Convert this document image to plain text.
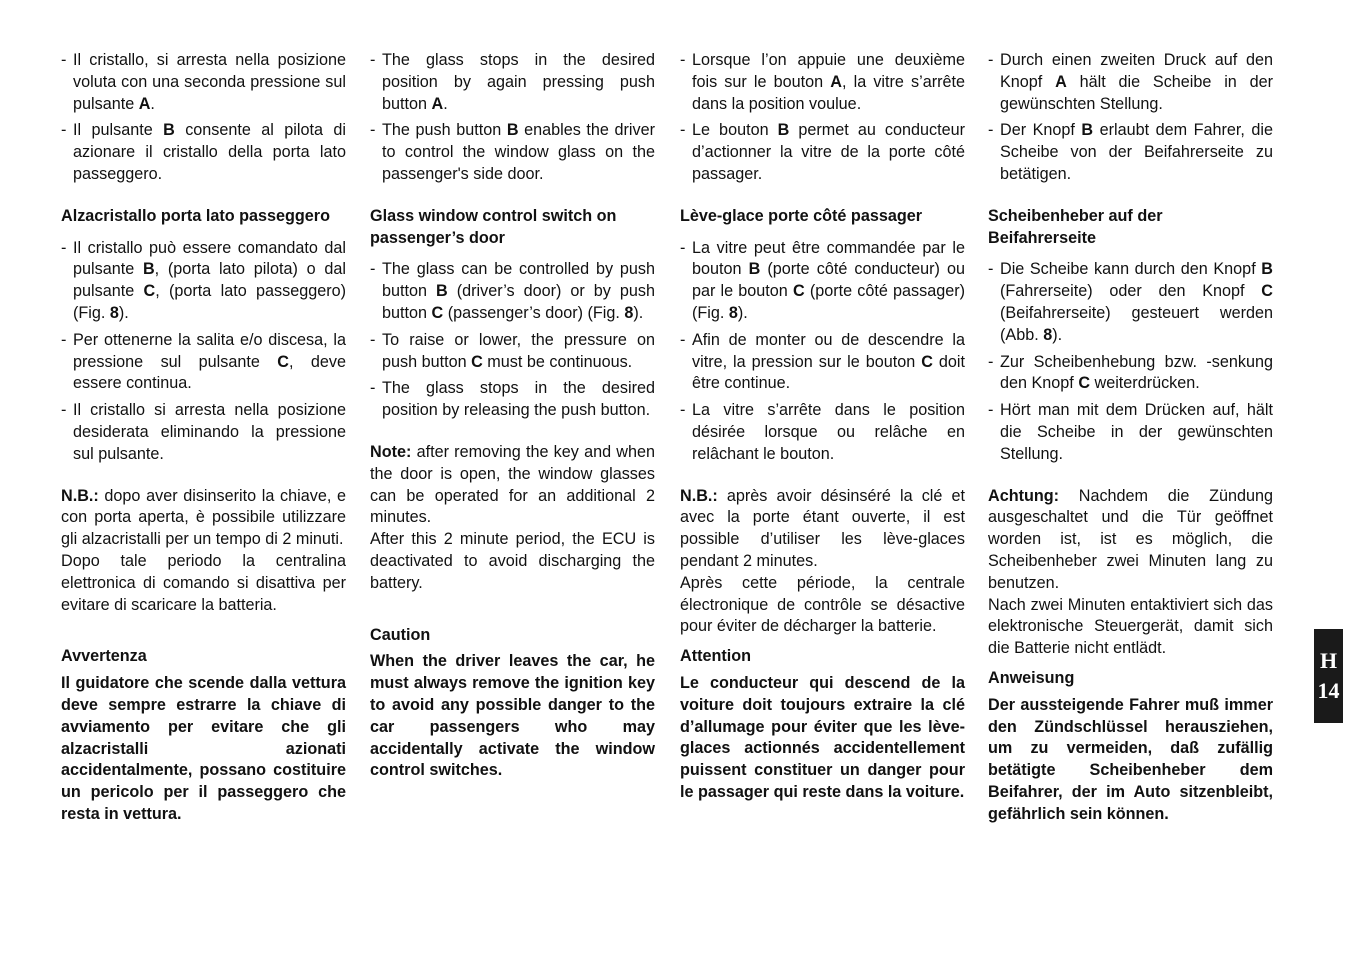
- Il cristallo, si arresta nella posizione voluta con una seconda pressione sul pulsante A.
- Il pulsante B consente al pilota di azionare il cristallo della porta lato passeggero.

Alzacristallo porta lato passeggero

- Il cristallo può essere comandato dal pulsante B, (porta lato pilota) o dal pulsante C, (porta lato passeggero) (Fig. 8).
- Per ottenerne la salita e/o discesa, la pressione sul pulsante C, deve essere continua.
- Il cristallo si arresta nella posizione desiderata eliminando la pressione sul pulsante.
N.B.: dopo aver disinserito la chiave, e con porta aperta, è possibile utilizzare gli alzacristalli per un tempo di 2 minuti.
Dopo tale periodo la centralina elettronica di comando si disattiva per evitare di scaricare la batteria.
Avvertenza
Il guidatore che scende dalla vettura deve sempre estrarre la chiave di avviamento per evitare che gli alzacristalli azionati accidentalmente, possano costituire un pericolo per il passeggero che resta in vettura.
- The glass stops in the desired position by again pressing push button A.
- The push button B enables the driver to control the window glass on the passenger's side door.

Glass window control switch on passenger’s door

- The glass can be controlled by push button B (driver’s door) or by push button C (passenger’s door) (Fig. 8).
- To raise or lower, the pressure on push button C must be continuous.
- The glass stops in the desired position by releasing the push button.
Note: after removing the key and when the door is open, the window glasses can be operated for an additional 2 minutes.
After this 2 minute period, the ECU is deactivated to avoid discharging the battery.
Caution
When the driver leaves the car, he must always remove the ignition key to avoid any possible danger to the car passengers who may accidentally activate the window control switches.
- Lorsque l’on appuie une deuxième fois sur le bouton A, la vitre s’arrête dans la position voulue.
- Le bouton B permet au conducteur d’actionner la vitre de la porte côté passager.

Lève-glace porte côté passager

- La vitre peut être commandée par le bouton B (porte côté conducteur) ou par le bouton C (porte côté passager) (Fig. 8).
- Afin de monter ou de descendre la vitre, la pression sur le bouton C doit être continue.
- La vitre s’arrête dans le position désirée lorsque ou relâche en relâchant le bouton.
N.B.: après avoir désinséré la clé et avec la porte étant ouverte, il est possible d’utiliser les lève-glaces pendant 2 minutes.
Après cette période, la centrale électronique de contrôle se désactive pour éviter de décharger la batterie.
Attention
Le conducteur qui descend de la voiture doit toujours extraire la clé d’allumage pour éviter que les lève-glaces actionnés accidentellement puissent constituer un danger pour le passager qui reste dans la voiture.
- Durch einen zweiten Druck auf den Knopf A hält die Scheibe in der gewünschten Stellung.
- Der Knopf B erlaubt dem Fahrer, die Scheibe von der Beifahrerseite zu betätigen.

Scheibenheber auf der Beifahrerseite

- Die Scheibe kann durch den Knopf B (Fahrerseite) oder den Knopf C (Beifahrerseite) gesteuert werden (Abb. 8).
- Zur Scheibenhebung bzw. -senkung den Knopf C weiterdrücken.
- Hört man mit dem Drücken auf, hält die Scheibe in der gewünschten Stellung.
Achtung: Nachdem die Zündung ausgeschaltet und die Tür geöffnet worden ist, ist es möglich, die Scheibenheber zwei Minuten lang zu benutzen.
Nach zwei Minuten entaktiviert sich das elektronische Steuergerät, damit sich die Batterie nicht entlädt.
Anweisung
Der aussteigende Fahrer muß immer den Zündschlüssel herausziehen, um zu vermeiden, daß zufällig betätigte Scheibenheber dem Beifahrer, der im Auto sitzenbleibt, gefährlich sein können.
H
14
